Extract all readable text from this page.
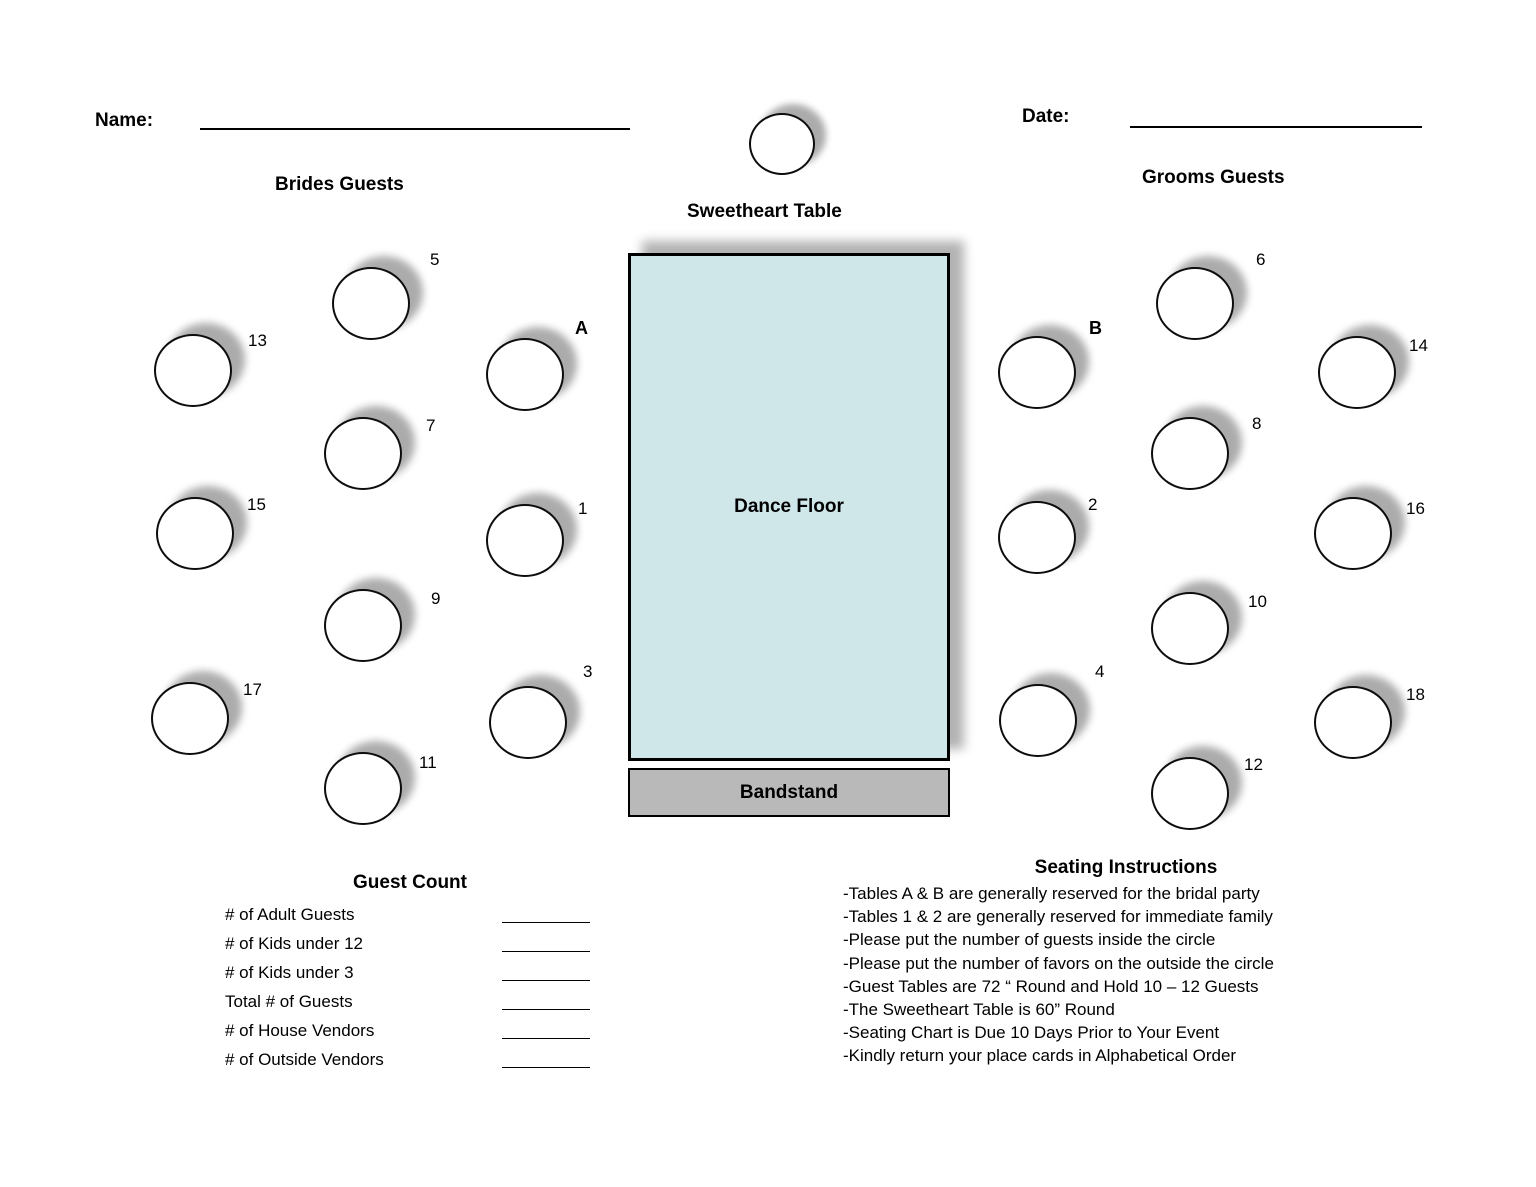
Name:	Date:
Brides Guests	Grooms Guests
Sweetheart Table
Dance Floor
Bandstand
5
13
A
7
15	1
9
17
3
11
6
B
14
8
2	16
10
4
18
12
Guest Count
# of Adult Guests
# of Kids under 12
# of Kids under 3
Total # of Guests
# of House Vendors
# of Outside Vendors
Seating Instructions
-Tables A & B are generally reserved for the bridal party
-Tables 1 & 2 are generally reserved for immediate family
-Please put the number of guests inside the circle
-Please put the number of favors on the outside the circle
-Guest Tables are 72 “ Round and Hold 10 – 12 Guests
-The Sweetheart Table is 60” Round
-Seating Chart is Due 10 Days Prior to Your Event
-Kindly return your place cards in Alphabetical Order
